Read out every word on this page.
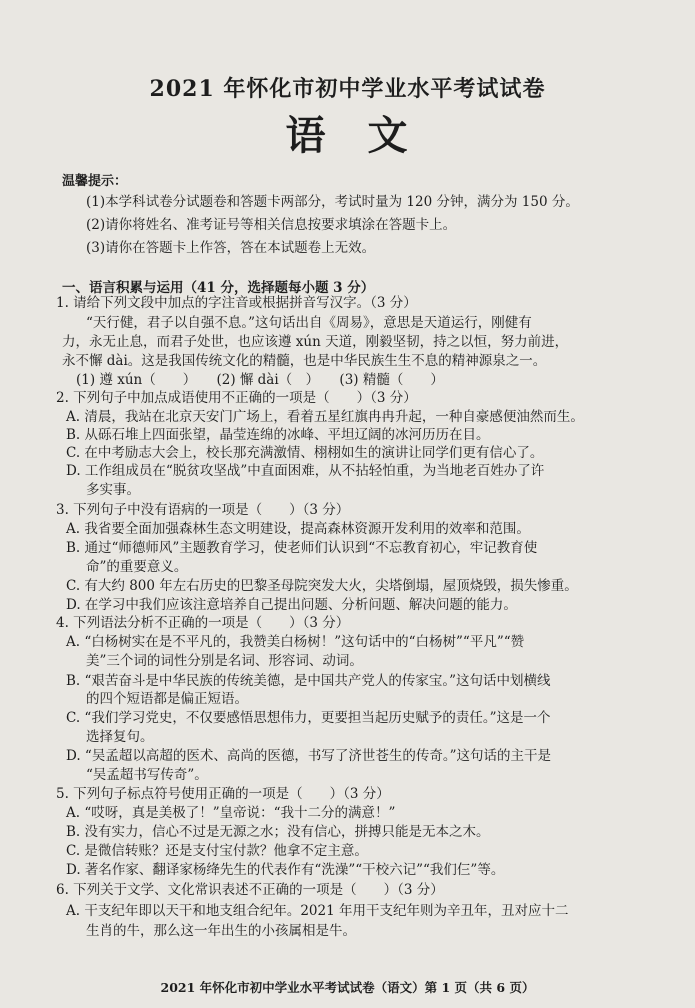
2021 年怀化市初中学业水平考试试卷
语文
温馨提示：
(1)本学科试卷分试题卷和答题卡两部分，考试时量为 120 分钟，满分为 150 分。
(2)请你将姓名、准考证号等相关信息按要求填涂在答题卡上。
(3)请你在答题卡上作答，答在本试题卷上无效。
一、语言积累与运用（41 分，选择题每小题 3 分）
1. 请给下列文段中加点的字注音或根据拼音写汉字。（3 分）
“天行健，君子以自强不息。”这句话出自《周易》，意思是天道运行，刚健有
力，永无止息，而君子处世，也应该遵 xún 天道，刚毅坚韧，持之以恒，努力前进，
永不懈 dài。这是我国传统文化的精髓，也是中华民族生生不息的精神源泉之一。
(1) 遵 xún（　　）　　(2) 懈 dài（　）　　(3) 精髓（　　）
2. 下列句子中加点成语使用不正确的一项是（　　）（3 分）
A. 清晨，我站在北京天安门广场上，看着五星红旗冉冉升起，一种自豪感便油然而生。
B. 从砾石堆上四面张望，晶莹连绵的冰峰、平坦辽阔的冰河历历在目。
C. 在中考励志大会上，校长那充满激情、栩栩如生的演讲让同学们更有信心了。
D. 工作组成员在“脱贫攻坚战”中直面困难，从不拈轻怕重，为当地老百姓办了许
多实事。
3. 下列句子中没有语病的一项是（　　）（3 分）
A. 我省要全面加强森林生态文明建设，提高森林资源开发利用的效率和范围。
B. 通过“师德师风”主题教育学习，使老师们认识到“不忘教育初心，牢记教育使
命”的重要意义。
C. 有大约 800 年左右历史的巴黎圣母院突发大火，尖塔倒塌，屋顶烧毁，损失惨重。
D. 在学习中我们应该注意培养自己提出问题、分析问题、解决问题的能力。
4. 下列语法分析不正确的一项是（　　）（3 分）
A. “白杨树实在是不平凡的，我赞美白杨树！”这句话中的“白杨树”“平凡”“赞
美”三个词的词性分别是名词、形容词、动词。
B. “艰苦奋斗是中华民族的传统美德，是中国共产党人的传家宝。”这句话中划横线
的四个短语都是偏正短语。
C. “我们学习党史，不仅要感悟思想伟力，更要担当起历史赋予的责任。”这是一个
选择复句。
D. “吴孟超以高超的医术、高尚的医德，书写了济世苍生的传奇。”这句话的主干是
“吴孟超书写传奇”。
5. 下列句子标点符号使用正确的一项是（　　）（3 分）
A. “哎呀，真是美极了！”皇帝说：“我十二分的满意！”
B. 没有实力，信心不过是无源之水；没有信心，拼搏只能是无本之木。
C. 是微信转账？还是支付宝付款？他拿不定主意。
D. 著名作家、翻译家杨绛先生的代表作有“洗澡”“干校六记”“我们仨”等。
6. 下列关于文学、文化常识表述不正确的一项是（　　）（3 分）
A. 干支纪年即以天干和地支组合纪年。2021 年用干支纪年则为辛丑年，丑对应十二
生肖的牛，那么这一年出生的小孩属相是牛。
2021 年怀化市初中学业水平考试试卷（语文）第 1 页（共 6 页）
